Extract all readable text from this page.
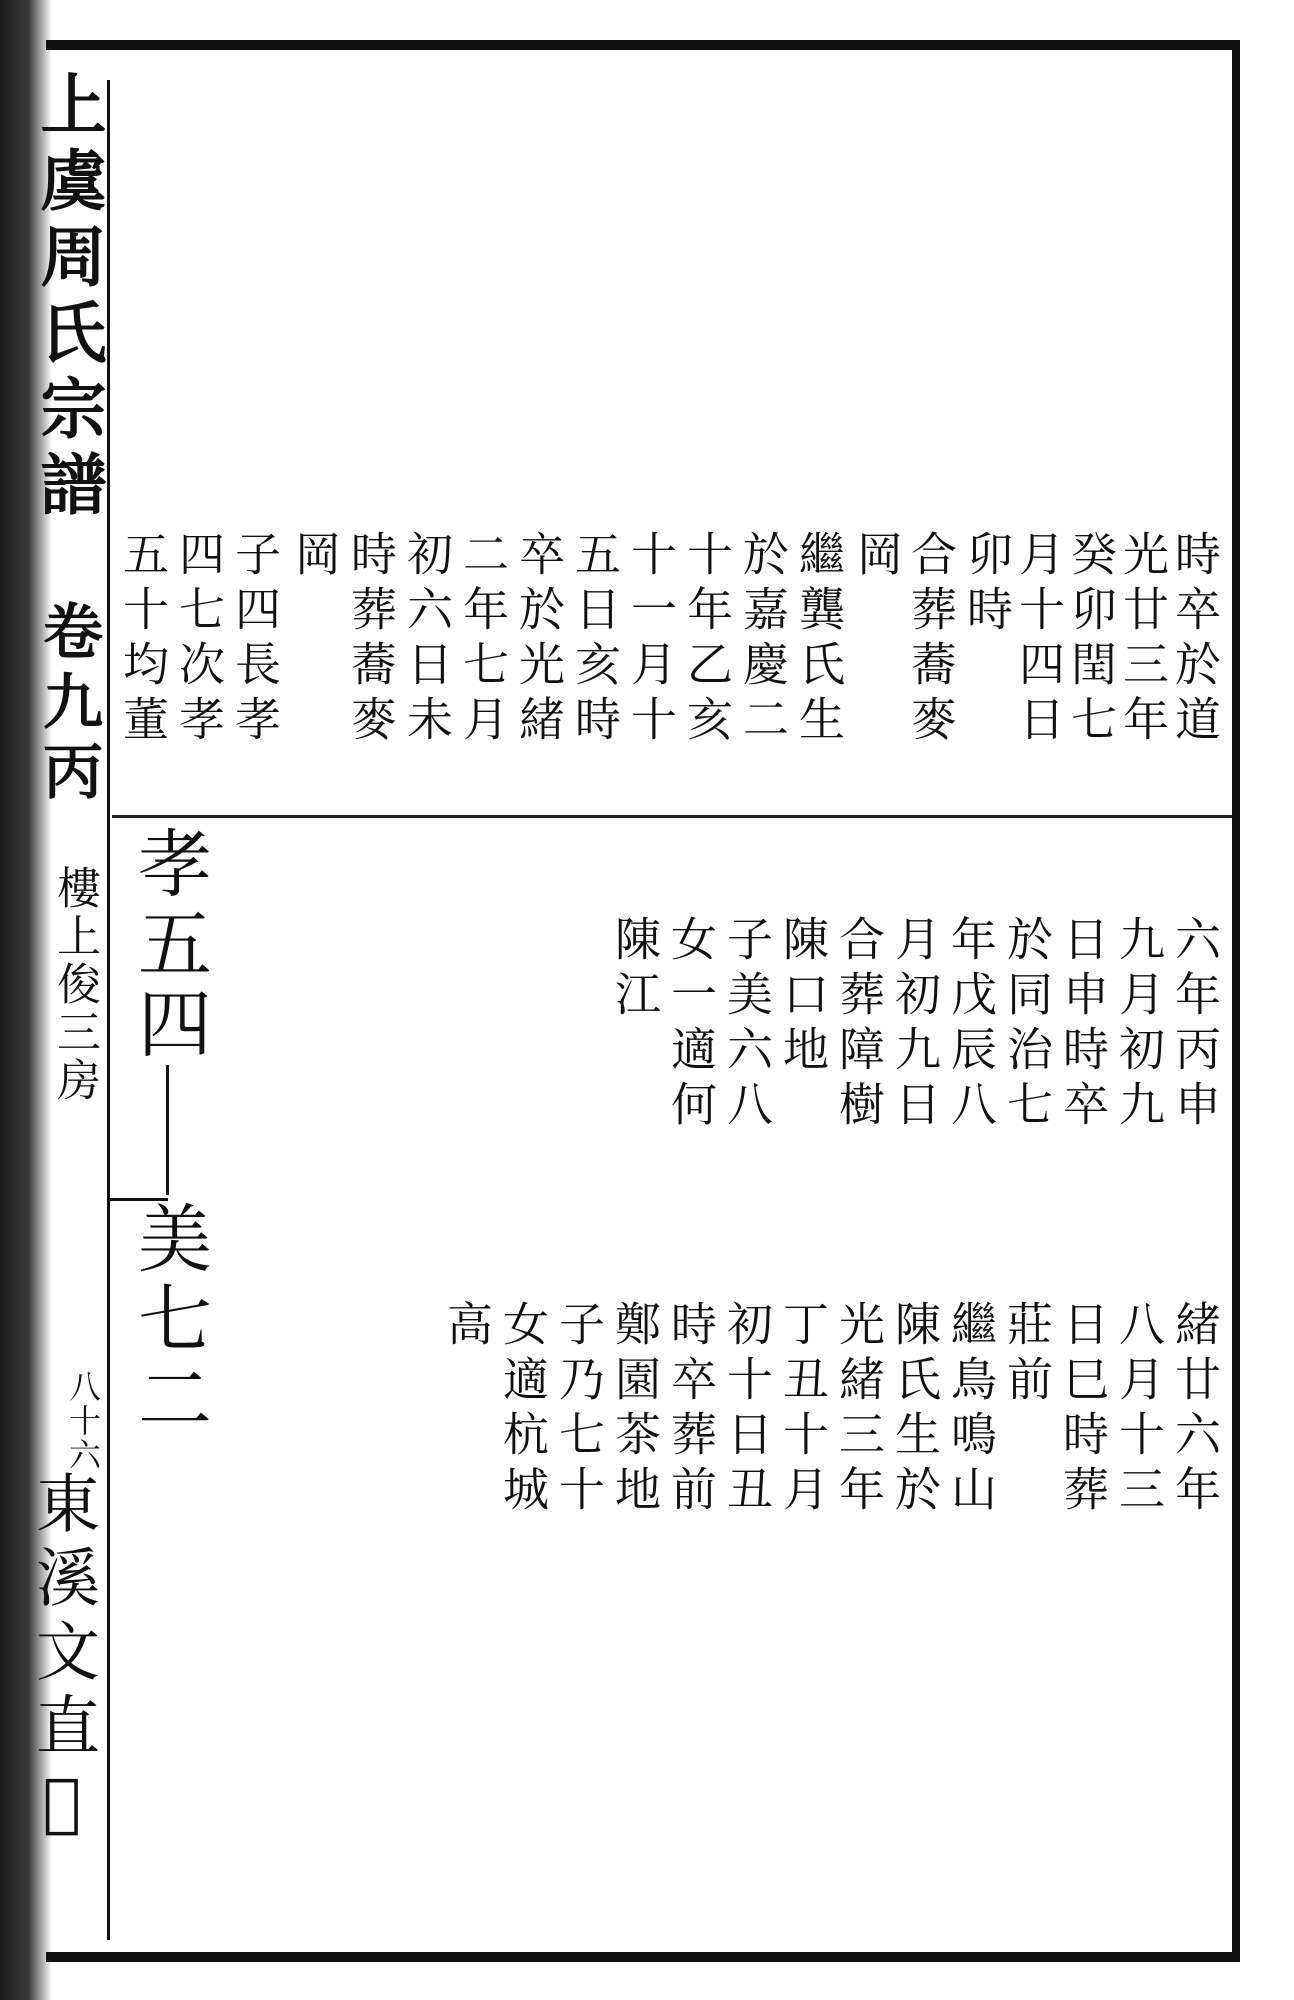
上虞周氏宗譜
卷九丙
樓上俊三房
八十六
東溪文直𧙓
時卒於道
光廿三年
癸卯閏七
月十四日
卯時
合葬蕎麥
岡
繼龔氏生
於嘉慶二
十年乙亥
十一月十
五日亥時
卒於光緒
二年七月
初六日未
時葬蕎麥
岡
子四長孝
四七次孝
五十均董
孝五四	六年丙申
九月初九
日申時卒
於同治七
年戊辰八
月初九日
合葬障樹
陳口地
子美六八
女一適何
陳江
美七二	緒廿六年
八月十三
日巳時葬
莊前
繼鳥鳴山
陳氏生於
光緒三年
丁丑十月
初十日丑
時卒葬前
鄭園茶地
子乃七十
女適杭城
高
